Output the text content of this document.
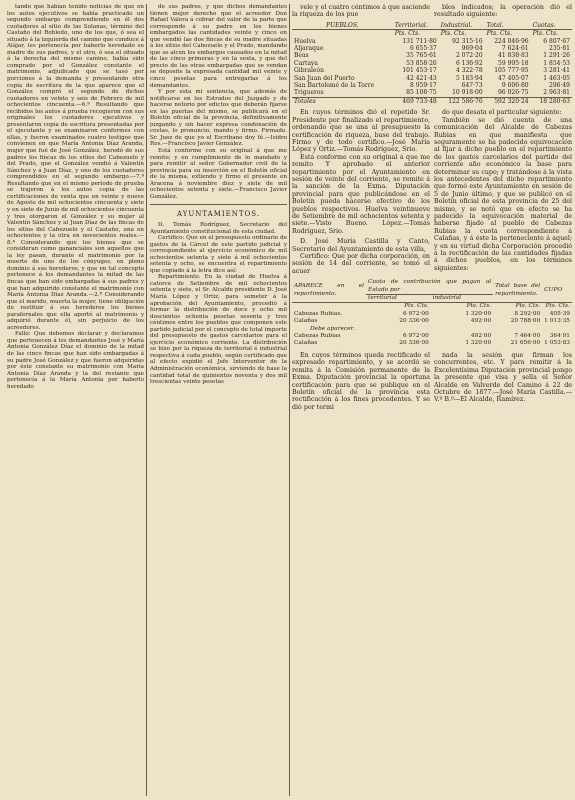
tando que habian tenido noticias de que en los autos ejecutivos se había practicado un segundo embargo comprendiendo en él dos cuotadores al sitio de las Solanas, término del Castaño del Robledo, uno de los que, ó sea el situado á la izquierda del camino que conduce á Alájar, les pertenecía por haberlo heredado su madre de sus padres, y el otro, ó sea el situado á la derecha del mismo camino, había sido comprado por el González constante el matrimonio, adjudicado que se tasó por porciones á la demanda y presentando otra copia de escritura de la que aparece que el González compró el segundo de dichos cuotadores en veinte y seis de Febrero de mil ochocientos cincuenta.—6.ª Resultando que recibidos los autos á prueba recogieron con sus originales los cuotadores ejecutivos y presentaron copia de escritura presentadas por el ejecutante y se examinaron conformes con ellas, y fueron examinados cuatro testigos que convienen en que María Antonia Díaz Aranda, mujer que fué de José González, heredó de sus padres los fincas de los sitios del Cabezuelo y del Prado, que el González vendió á Valentín Sánchez y á Juan Díaz, y uno de los cuotadores comprendidos en el segundo embargo.—7.ª Resultando que en el mismo período de prueba se trajeron á los autos copia de las certificaciones de venta que en veinte y nueve de Agosto de mil ochocientos cincuenta y siete y en siete de Junio de mil ochocientos cincuenta y tres otorgaron el González y su mujer al Valentín Sánchez y al Juan Díaz de las fincas de los sitios del Cabezuelo y el Castaño, una en ochocientos y la otra en novecientos reales.—8.ª Considerando que los bienes que se consideran como gananciales son aquellos que la ley pasan, durante el matrimonio por la muerte de uno de los cónyuges, en pleno dominio á sus herederos, y que en tal concepto pertenece á los demandantes la mitad de las fincas que han sido embargadas á sus padres y que han adquirido constante el matrimonio con María Antonia Díaz Aranda.—2.ª Considerando que el marido, muerta la mujer, tiene obligación de restituir á sus herederos los bienes parafernales que ella aportó al matrimonio y adquirió durante él, sin perjuicio de los acreedores.

Fallo: Que debemos declarar y declaramos que pertenecen á los demandantes José y María Antonia González Díaz el dominio de la mitad de las cinco fincas que han sido embargadas á su padre José González y que fueron adquiridas por éste constante su matrimonio con María Antonia Díaz Aranda y la del restante que pertenecía á la María Antonia por haberlo heredado

de sus padres, y que dichos demandantes tienen mejor derecho que el acreedor Don Rafael Valera á cobrar del valor de la parte que corresponde á su padre en los bienes embargados las cantidades veinte y cinco en que vendió las dos fincas de su madre situadas á los sitios del Cabezuelo y el Prado, mandando que se alcen los embargos causados en la mitad de las cinco primeras y en la sexta, y que del precio de las otras embargadas que se vendan se deposite la expresada cantidad mil veinte y cinco pesetas para entregarlas á los demandantes.

Y por esta mi sentencia, que además de notificarse en los Estrados del Juzgado y de hacerse notorio por edictos que deberán fijarse en las puertas del mismo, se publicará en el Boletín oficial de la provincia, definitivamente juzgando y sin hacer expresa condenación de costas, lo pronuncio, mando y firmo. Firmado. Sr. Juez de que yo el Escribano doy fé.—Isidro Ros.—Francisco Javier González.

Está conforme con su original á que me remito; y en cumplimiento de lo mandado y para remitir al señor Gobernador civil de la provincia para su inserción en el Boletín oficial de la misma, extiendo y firmo el presente en Aracena á noviembre diez y siete de mil ochocientos setenta y siete.—Francisco Javier González.

AYUNTAMIENTOS.

D. Tomás Rodríguez, Secretario del Ayuntamiento constitucional de esta ciudad.

Certifico: Que en el presupuesto ordinario de gastos de la Cárcel de este partido judicial y correspondiente al ejercicio económico de mil ochocientos setenta y siete á mil ochocientos setenta y ocho, se encuentra el repartimiento que copiado á la letra dice así:

Repartimiento. En la ciudad de Huelva á catorce de Setiembre de mil ochocientos setenta y siete, el Sr. Alcalde presidente D. José María López y Ortiz, para someter á la aprobación del Ayuntamiento, procedió á formar la distribución de doce y ocho mil doscientos ochenta pesetas sesenta y tres céntimos entre los pueblos que componen este partido judicial por el concepto de total importe del presupuesto de gastos carcelarios para el ejercicio económico corriente. La distribución se hizo por la riqueza de territorial é industrial respectiva á cada pueblo, según certificado que al efecto expidió el Jefe Interventor de la Administración económica, sirviendo de base la cantidad total de quinientos noventa y dos mil trescientas veinte pesetas

vele y el cuatro céntimos á que asciende la riqueza de los pue

blos indicados; la operación dió el resultado siguiente:

PUEBLOS.	Territorial.	Industrial.	Total.	Cuotas.
	Pts. Cts.	Pts. Cts.	Pts. Cts.	Pts. Cts.
Huelva	131 711·80	92 315·16	224 046·96	6 807·67
Aljaraque	6 655·37	969·04	7 624·61	235·81
Beas	35 765·61	2 072·20	41 838·83	1 291·26
Cartaya	53 858·26	6 136·92	59 995·18	1 854·53
Gibraleón	101 453·17	4 322·78	105 777·95	3 281·41
San Juan del Puerto	42 421·43	5 183·94	47 405·07	1 463·05
San Bartolomé de la Torre	8 959·17	647·73	9 606·80	296·49
Trigueros	85 108·75	10 918·00	96 026·75	2 963·81
Totales	469 733·48	122 586·76	592 320·24	18 280·63

En cuyos términos dió el repetido Sr. Presidente por finalizado el repartimiento, ordenando que se una al presupuesto la certificación de riqueza, base del trabajo. Firmo y de todo certifico.—José María López y Ortiz.—Tomás Rodríguez, Srio.

Está conforme con su original á que me remito Y aprobado el anterior repartimiento por el Ayuntamiento en sesión de veinte del corriente, se remite á la sanción de la Exma. Diputación provincial para que publicándose en el Boletín pueda hacerse efectivo de los pueblos respectivos. Huelva veintinueve de Setiembre de mil ochocientos setenta y siete.—Visto Bueno. López.—Tomás Rodríguez, Srio.

D. José María Castilla y Canto, Secretario del Ayuntamiento de esta villa,

Certifico: Que por dicha corporación, en sesión de 14 del corriente, se tomó el acuer

do que desata el particular siguiente:

También se dió cuenta de una comunicación del Alcalde de Cabezas Rubias en que manifiesta que seguramente se ha padecido equivocación al fijar á dicho pueblo en el repartimiento de los gastos carcelarios del partido del corriente año económico la base para determinar su cupo; y tratándose á la vista los antecedentes del dicho repartimiento que formó este Ayuntamiento en sesión de 5 de Junio último, y que se publicó en el Boletín oficial de esta provincia de 25 del mismo, y se notó que en efecto se ha padecido la equivocación material de haberse fijado al pueblo de Cabezas Rubias la cuota correspondiente á Calañas, y á éste la perteneciente á aquel; y en su virtud dicha Corporación procedió á la rectificación de las cantidades fijadas á dichos pueblos, en los términos siguientes:

APARECE en el repartimiento.	Cuota de contribución que pagan al Estado por		Total base del repartimiento.	CUPO
	territorial	industrial		
	Pts. Cts.	Pts. Cts.	Pts. Cts.	Pts. Cts.
Cabezas Rubias.	6 972·00	1 320·00	8 292·00	405·39
Calañas	20 336·00	492·00	20 788·00	1 013·35
Debe aparecer.				
Cabezas Rubias	6 972·00	492·00	7 464·00	364·91
Calañas	20 336·00	1 320·00	21 656·00	1 053·83

En cuyos términos queda rectificado el expresado repartimiento, y se acordó se remita á la Comisión permanente de la Exma. Diputación provincial la oportuna certificación para que se publique en el Boletín oficial de la provincia esta rectificación á los fines procedentes. Y se dió por termi

nada la sesión que firman los concurrentes, etc. Y para remitir á la Excelentísima Diputación provincial pongo la presente que visa y sella el Señor Alcalde en Valverde del Camino á 22 de Octubre de 1877.—José María Castilla.—V.º B.º—El Alcalde, Ramírez.
